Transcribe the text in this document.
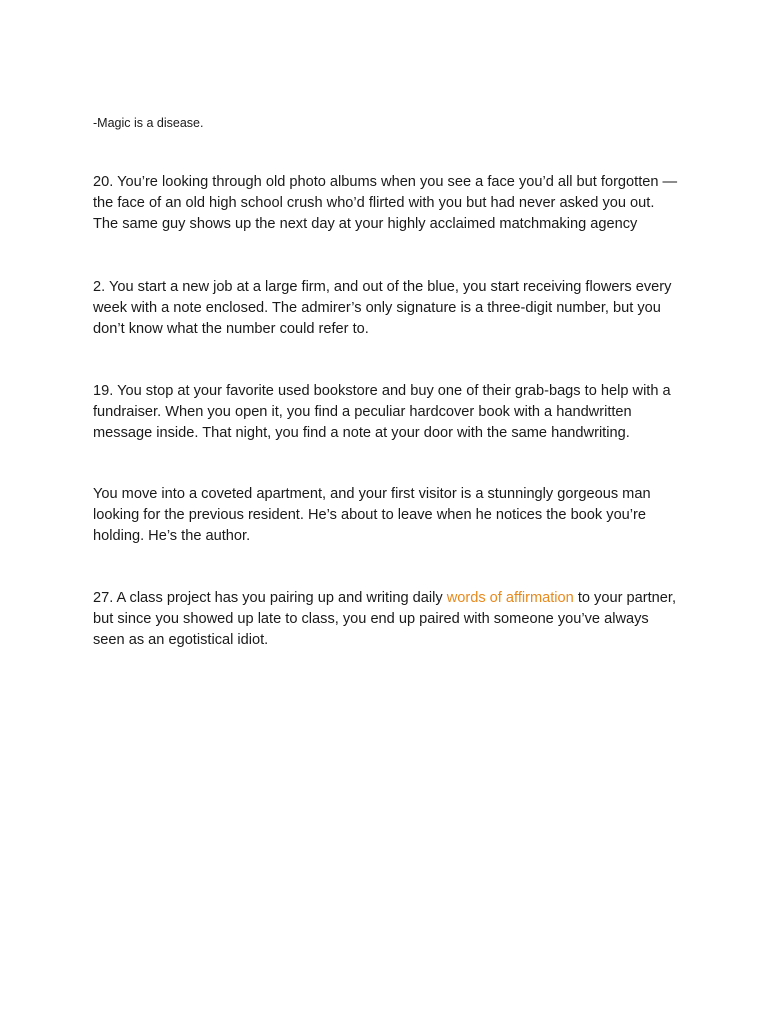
-Magic is a disease.

20. You’re looking through old photo albums when you see a face you’d all but forgotten — the face of an old high school crush who’d flirted with you but had never asked you out. The same guy shows up the next day at your highly acclaimed matchmaking agency

2. You start a new job at a large firm, and out of the blue, you start receiving flowers every week with a note enclosed. The admirer’s only signature is a three-digit number, but you don’t know what the number could refer to.

19. You stop at your favorite used bookstore and buy one of their grab-bags to help with a fundraiser. When you open it, you find a peculiar hardcover book with a handwritten message inside. That night, you find a note at your door with the same handwriting.

You move into a coveted apartment, and your first visitor is a stunningly gorgeous man looking for the previous resident. He’s about to leave when he notices the book you’re holding. He’s the author.

27. A class project has you pairing up and writing daily words of affirmation to your partner, but since you showed up late to class, you end up paired with someone you’ve always seen as an egotistical idiot.
